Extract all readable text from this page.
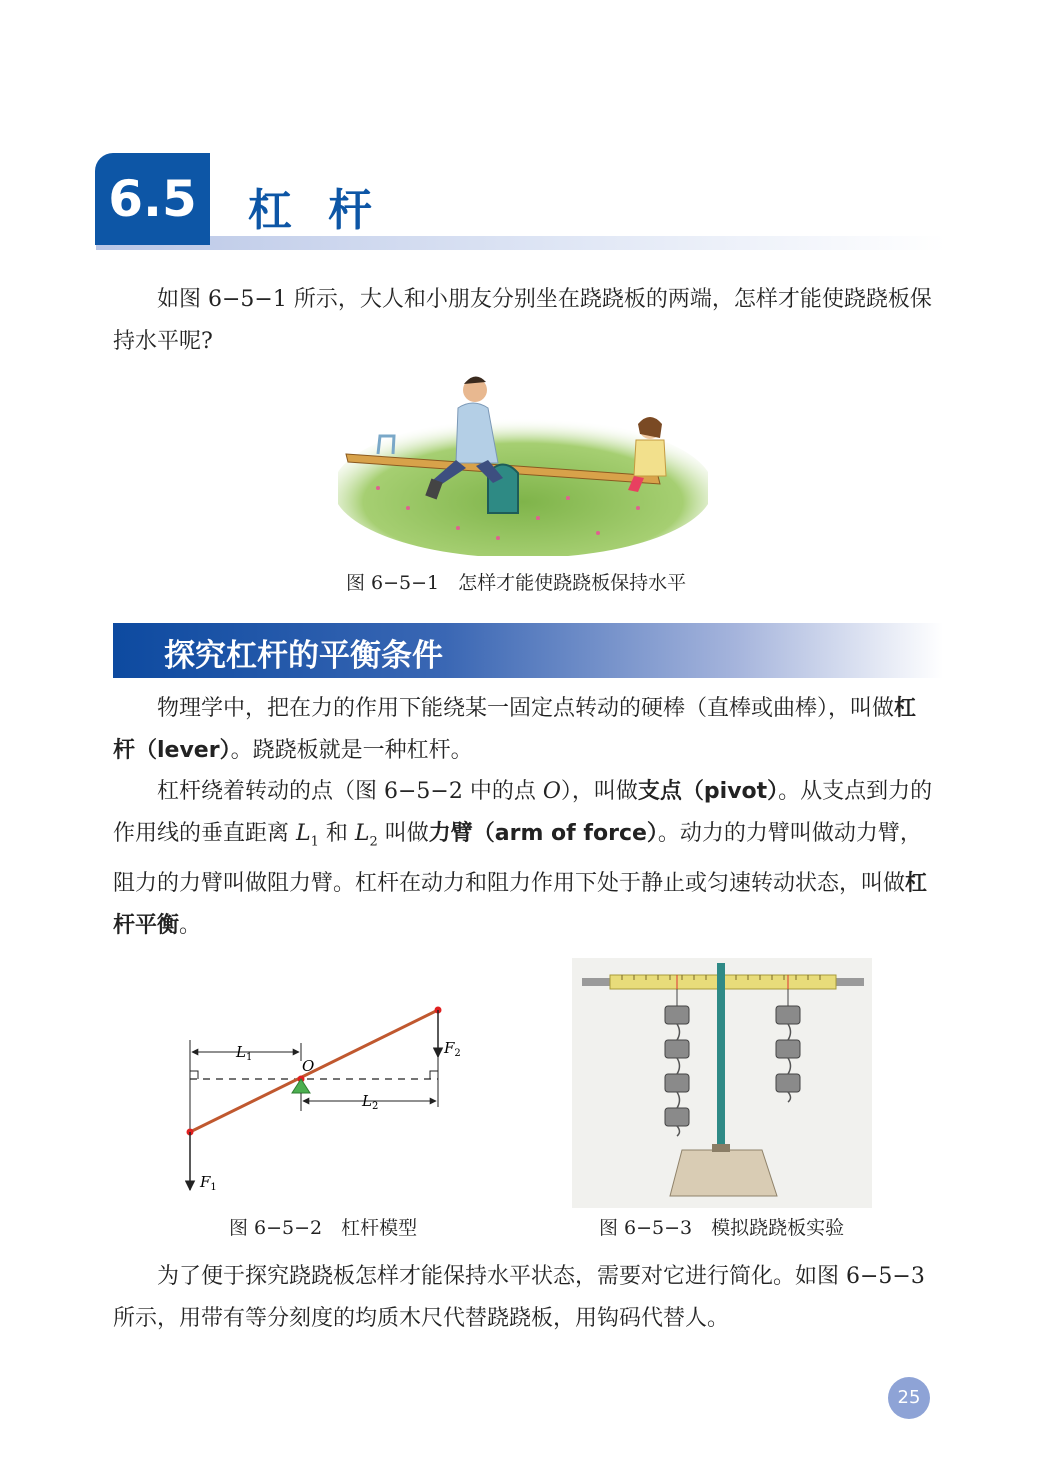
6.5	杠杆
如图 6−5−1 所示，大人和小朋友分别坐在跷跷板的两端，怎样才能使跷跷板保持水平呢?
图 6−5−1　怎样才能使跷跷板保持水平
探究杠杆的平衡条件
物理学中，把在力的作用下能绕某一固定点转动的硬棒（直棒或曲棒），叫做杠杆（lever）。跷跷板就是一种杠杆。
杠杆绕着转动的点（图 6−5−2 中的点 O），叫做支点（pivot）。从支点到力的作用线的垂直距离 $L_1$ 和 $L_2$ 叫做力臂（arm of force）。动力的力臂叫做动力臂，阻力的力臂叫做阻力臂。杠杆在动力和阻力作用下处于静止或匀速转动状态，叫做杠杆平衡。
$L_1$
$L_2$
O
$F_2$
$F_1$
图 6−5−2　杠杆模型	图 6−5−3　模拟跷跷板实验
为了便于探究跷跷板怎样才能保持水平状态，需要对它进行简化。如图 6−5−3 所示，用带有等分刻度的均质木尺代替跷跷板，用钩码代替人。
25
